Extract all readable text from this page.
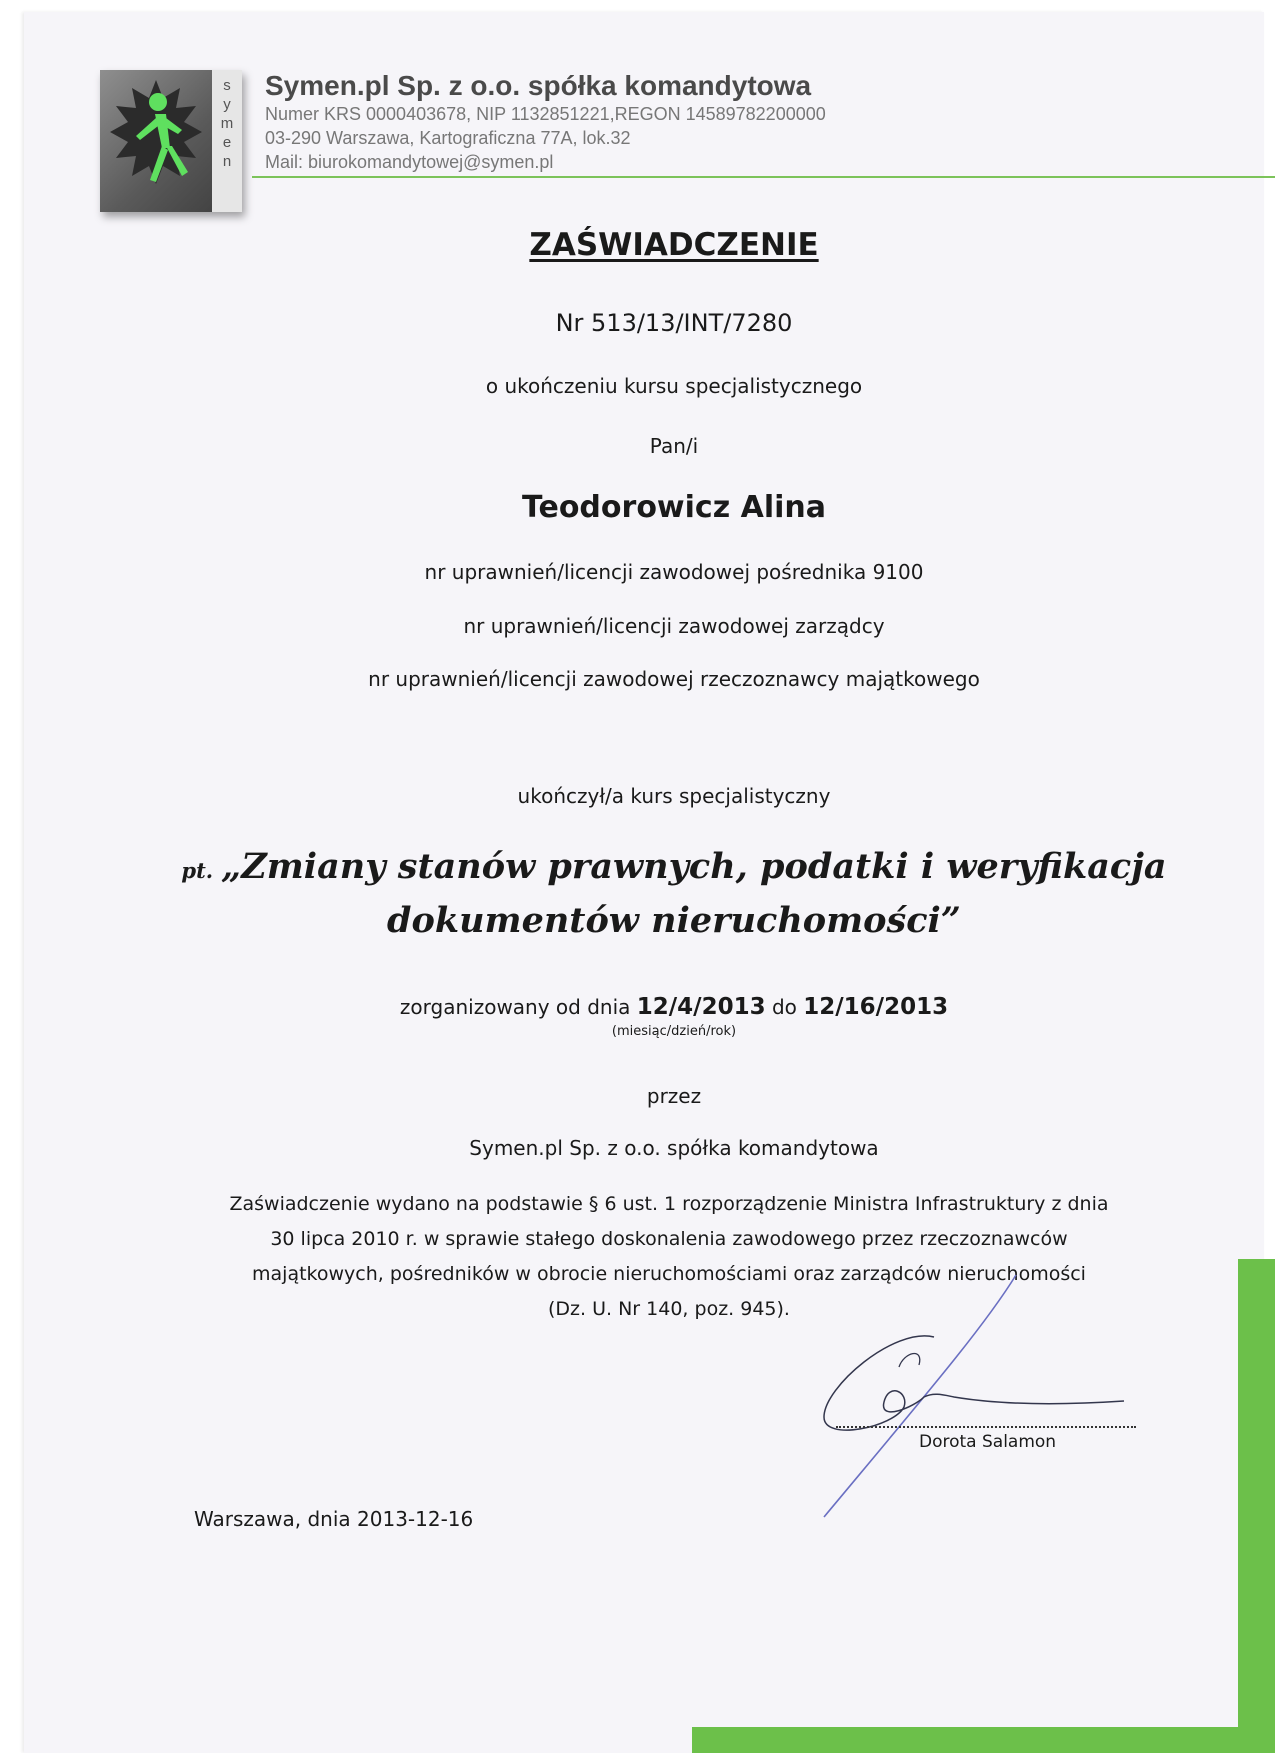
s
y
m
e
n
Symen.pl Sp. z o.o. spółka komandytowa
Numer KRS 0000403678, NIP 1132851221,REGON 14589782200000
03-290 Warszawa, Kartograficzna 77A, lok.32
Mail: biurokomandytowej@symen.pl
ZAŚWIADCZENIE
Nr 513/13/INT/7280
o ukończeniu kursu specjalistycznego
Pan/i
Teodorowicz Alina
nr uprawnień/licencji zawodowej pośrednika 9100
nr uprawnień/licencji zawodowej zarządcy
nr uprawnień/licencji zawodowej rzeczoznawcy majątkowego
ukończył/a kurs specjalistyczny
pt. „Zmiany stanów prawnych, podatki i weryfikacja
dokumentów nieruchomości”
zorganizowany od dnia 12/4/2013 do 12/16/2013
(miesiąc/dzień/rok)
przez
Symen.pl Sp. z o.o. spółka komandytowa
Zaświadczenie wydano na podstawie § 6 ust. 1 rozporządzenie Ministra Infrastruktury z dnia
30 lipca 2010 r. w sprawie stałego doskonalenia zawodowego przez rzeczoznawców
majątkowych, pośredników w obrocie nieruchomościami oraz zarządców nieruchomości
(Dz. U. Nr 140, poz. 945).
Dorota Salamon
Warszawa, dnia 2013-12-16
